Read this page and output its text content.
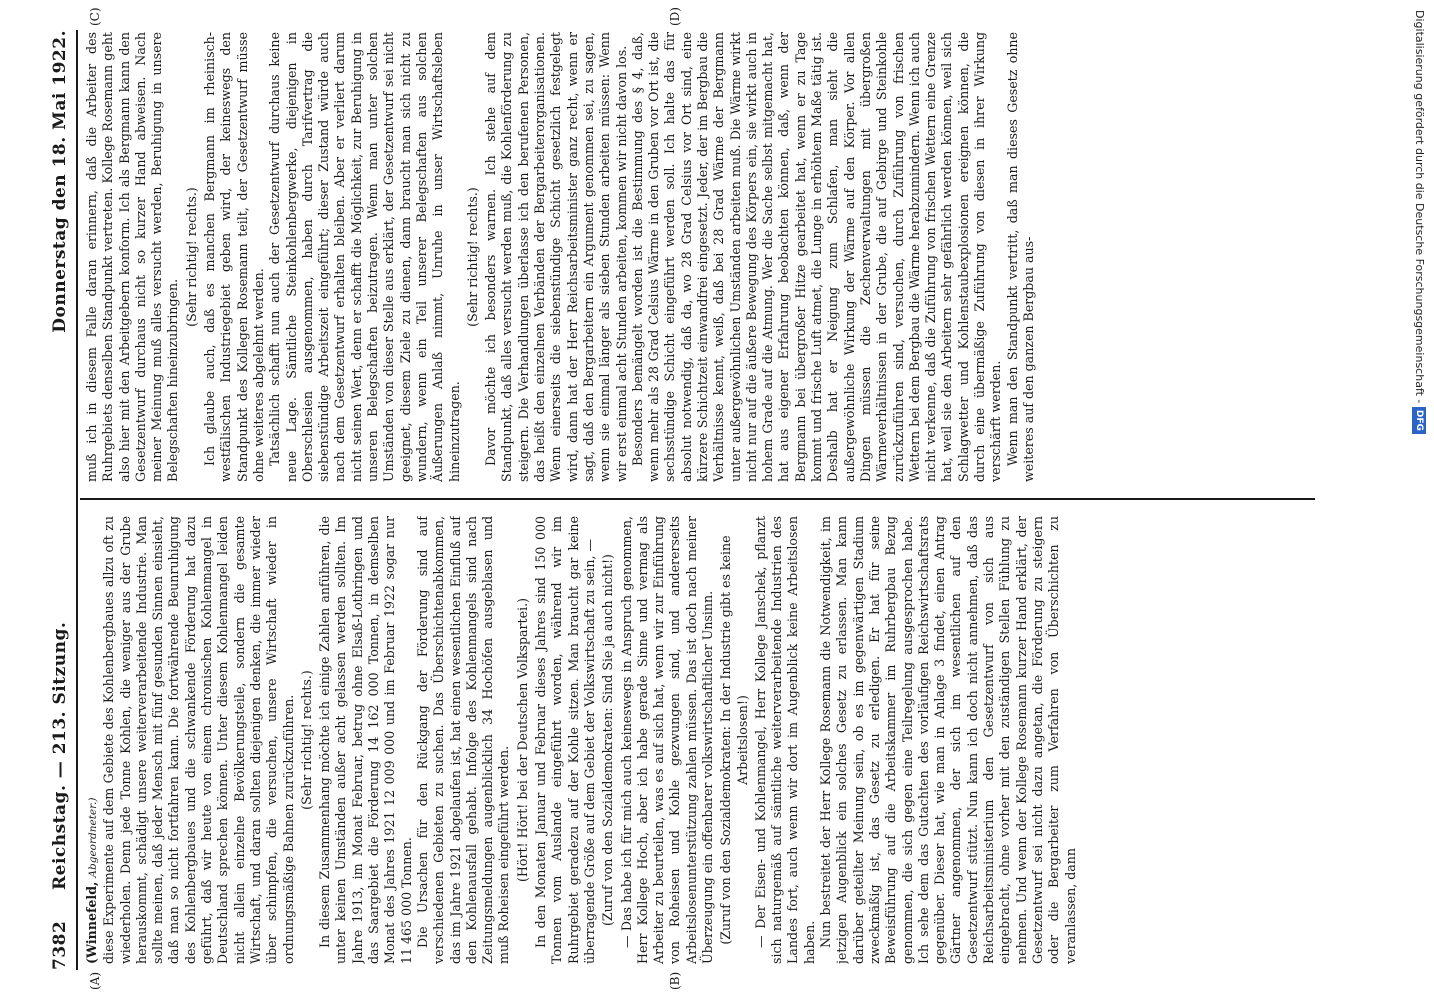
7382
Reichstag. — 213. Sitzung.
Donnerstag den 18. Mai 1922.
(A)	(B)
(C)	(D)

(Winnefeld, Abgeordneter.) diese Experimente auf dem Gebiete des Kohlenbergbaues allzu oft zu wiederholen. Denn jede Tonne Kohlen, die weniger aus der Grube herauskommt, schädigt unsere weiterverarbeitende Industrie. Man sollte meinen, daß jeder Mensch mit fünf gesunden Sinnen einsieht, daß man so nicht fortfahren kann. Die fortwährende Beunruhigung des Kohlenbergbaues und die schwankende Förderung hat dazu geführt, daß wir heute von einem chronischen Kohlenmangel in Deutschland sprechen können. Unter diesem Kohlenmangel leiden nicht allein einzelne Bevölkerungsteile, sondern die gesamte Wirtschaft, und daran sollten diejenigen denken, die immer wieder über schimpfen, die versuchen, unsere Wirtschaft wieder in ordnungsmäßige Bahnen zurückzuführen. (Sehr richtig! rechts.) In diesem Zusammenhang möchte ich einige Zahlen anführen, die unter keinen Umständen außer acht gelassen werden sollten. Im Jahre 1913, im Monat Februar, betrug ohne Elsaß-Lothringen und das Saargebiet die Förderung 14 162 000 Tonnen, in demselben Monat des Jahres 1921 12 009 000 und im Februar 1922 sogar nur 11 465 000 Tonnen. Die Ursachen für den Rückgang der Förderung sind auf verschiedenen Gebieten zu suchen. Das Überschichtenabkommen, das im Jahre 1921 abgelaufen ist, hat einen wesentlichen Einfluß auf den Kohlenausfall gehabt. Infolge des Kohlenmangels sind nach Zeitungsmeldungen augenblicklich 34 Hochöfen ausgeblasen und muß Roheisen eingeführt werden. (Hört! Hört! bei der Deutschen Volkspartei.) In den Monaten Januar und Februar dieses Jahres sind 150 000 Tonnen vom Auslande eingeführt worden, während wir im Ruhrgebiet geradezu auf der Kohle sitzen. Man braucht gar keine überragende Größe auf dem Gebiet der Volkswirtschaft zu sein, — (Zuruf von den Sozialdemokraten: Sind Sie ja auch nicht!) — Das habe ich für mich auch keineswegs in Anspruch genommen, Herr Kollege Hoch, aber ich habe gerade Sinne und vermag als Arbeiter zu beurteilen, was es auf sich hat, wenn wir zur Einführung von Roheisen und Kohle gezwungen sind, und andererseits Arbeitslosenunterstützung zahlen müssen. Das ist doch nach meiner Überzeugung ein offenbarer volkswirtschaftlicher Unsinn. (Zuruf von den Sozialdemokraten: In der Industrie gibt es keine Arbeitslosen!) — Der Eisen- und Kohlenmangel, Herr Kollege Janschek, pflanzt sich naturgemäß auf sämtliche weiterverarbeitende Industrien des Landes fort, auch wenn wir dort im Augenblick keine Arbeitslosen haben. Nun bestreitet der Herr Kollege Rosemann die Notwendigkeit, im jetzigen Augenblick ein solches Gesetz zu erlassen. Man kann darüber geteilter Meinung sein, ob es im gegenwärtigen Stadium zweckmäßig ist, das Gesetz zu erledigen. Er hat für seine Beweisführung auf die Arbeitskammer im Ruhrbergbau Bezug genommen, die sich gegen eine Teilregelung ausgesprochen habe. Ich sehe dem das Gutachten des vorläufigen Reichswirtschaftsrats gegenüber. Dieser hat, wie man in Anlage 3 findet, einen Antrag Gärtner angenommen, der sich im wesentlichen auf den Gesetzentwurf stützt. Nun kann ich doch nicht annehmen, daß das Reichsarbeitsministerium den Gesetzentwurf von sich aus eingebracht, ohne vorher mit den zuständigen Stellen Fühlung zu nehmen. Und wenn der Kollege Rosemann kurzer Hand erklärt, der Gesetzentwurf sei nicht dazu angetan, die Förderung zu steigern oder die Bergarbeiter zum Verfahren von Überschichten zu veranlassen, dann

muß ich in diesem Falle daran erinnern, daß die Arbeiter des Ruhrgebiets denselben Standpunkt vertreten. Kollege Rosemann geht also hier mit den Arbeitgebern konform. Ich als Bergmann kann den Gesetzentwurf durchaus nicht so kurzer Hand abweisen. Nach meiner Meinung muß alles versucht werden, Beruhigung in unsere Belegschaften hineinzubringen.

(Sehr richtig! rechts.) Ich glaube auch, daß es manchen Bergmann im rheinisch-westfälischen Industriegebiet geben wird, der keineswegs den Standpunkt des Kollegen Rosemann teilt, der Gesetzentwurf müsse ohne weiteres abgelehnt werden. Tatsächlich schafft nun auch der Gesetzentwurf durchaus keine neue Lage. Sämtliche Steinkohlenbergwerke, diejenigen in Oberschlesien ausgenommen, haben durch Tarifvertrag die siebenstündige Arbeitszeit eingeführt; dieser Zustand würde auch nach dem Gesetzentwurf erhalten bleiben. Aber er verliert darum nicht seinen Wert, denn er schafft die Möglichkeit, zur Beruhigung in unseren Belegschaften beizutragen. Wenn man unter solchen Umständen von dieser Stelle aus erklärt, der Gesetzentwurf sei nicht geeignet, diesem Ziele zu dienen, dann braucht man sich nicht zu wundern, wenn ein Teil unserer Belegschaften aus solchen Äußerungen Anlaß nimmt, Unruhe in unser Wirtschaftsleben hineinzutragen.

(Sehr richtig! rechts.) Davor möchte ich besonders warnen. Ich stehe auf dem Standpunkt, daß alles versucht werden muß, die Kohlenförderung zu steigern. Die Verhandlungen überlasse ich den berufenen Personen, das heißt den einzelnen Verbänden der Bergarbeiterorganisationen. Wenn einerseits die siebenstündige Schicht gesetzlich festgelegt wird, dann hat der Herr Reichsarbeitsminister ganz recht, wenn er sagt, daß den Bergarbeitern ein Argument genommen sei, zu sagen, wenn sie einmal länger als sieben Stunden arbeiten müssen: Wenn wir erst einmal acht Stunden arbeiten, kommen wir nicht davon los. Besonders bemängelt worden ist die Bestimmung des § 4, daß, wenn mehr als 28 Grad Celsius Wärme in den Gruben vor Ort ist, die sechsstündige Schicht eingeführt werden soll. Ich halte das für absolut notwendig, daß da, wo 28 Grad Celsius vor Ort sind, eine kürzere Schichtzeit einwandfrei eingesetzt. Jeder, der im Bergbau die Verhältnisse kennt, weiß, daß bei 28 Grad Wärme der Bergmann unter außergewöhnlichen Umständen arbeiten muß. Die Wärme wirkt nicht nur auf die äußere Bewegung des Körpers ein, sie wirkt auch in hohem Grade auf die Atmung. Wer die Sache selbst mitgemacht hat, hat aus eigener Erfahrung beobachten können, daß, wenn der Bergmann bei übergroßer Hitze gearbeitet hat, wenn er zu Tage kommt und frische Luft atmet, die Lunge in erhöhtem Maße tätig ist. Deshalb hat er Neigung zum Schlafen, man sieht die außergewöhnliche Wirkung der Wärme auf den Körper. Vor allen Dingen müssen die Zechenverwaltungen mit übergroßen Wärmeverhältnissen in der Grube, die auf Gebirge und Steinkohle zurückzuführen sind, versuchen, durch Zuführung von frischen Wettern bei dem Bergbau die Wärme herabzumindern. Wenn ich auch nicht verkenne, daß die Zuführung von frischen Wettern eine Grenze hat, weil sie den Arbeitern sehr gefährlich werden können, weil sich Schlagwetter und Kohlenstaubexplosionen ereignen können, die durch eine übermäßige Zuführung von diesen in ihrer Wirkung verschärft werden. Wenn man den Standpunkt vertritt, daß man dieses Gesetz ohne weiteres auf den ganzen Bergbau aus-	Digitalisierung gefördert durch die Deutsche Forschungsgemeinschaft - DFG
